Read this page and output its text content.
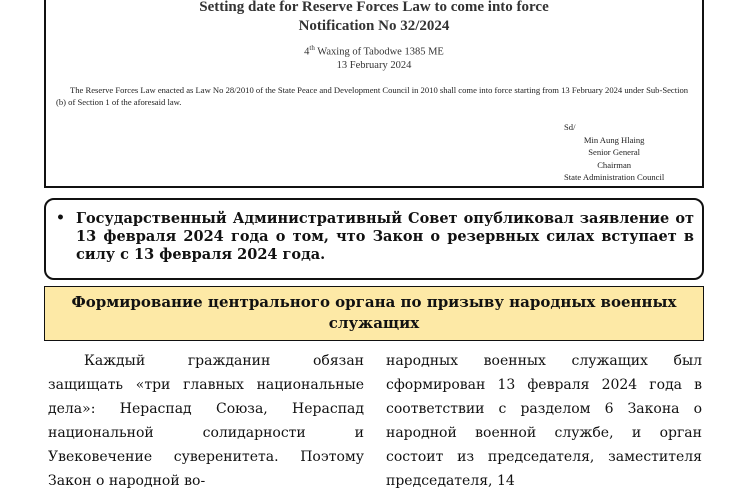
Setting date for Reserve Forces Law to come into force
Notification No 32/2024
4th Waxing of Tabodwe 1385 ME
13 February 2024
The Reserve Forces Law enacted as Law No 28/2010 of the State Peace and Development Council in 2010 shall come into force starting from 13 February 2024 under Sub-Section (b) of Section 1 of the aforesaid law.
Sd/
Min Aung Hlaing
Senior General
Chairman
State Administration Council
• Государственный Административный Совет опубликовал заявление от 13 февраля 2024 года о том, что Закон о резервных силах вступает в силу с 13 февраля 2024 года.
Формирование центрального органа по призыву народных военных служащих

Каждый гражданин обязан защищать «три главных национальные дела»: Нераспад Союза, Нераспад национальной солидарности и Увековечение суверенитета. Поэтому Закон о народной во-

народных военных служащих был сформирован 13 февраля 2024 года в соответствии с разделом 6 Закона о народной военной службе, и орган состоит из председателя, заместителя председателя, 14
